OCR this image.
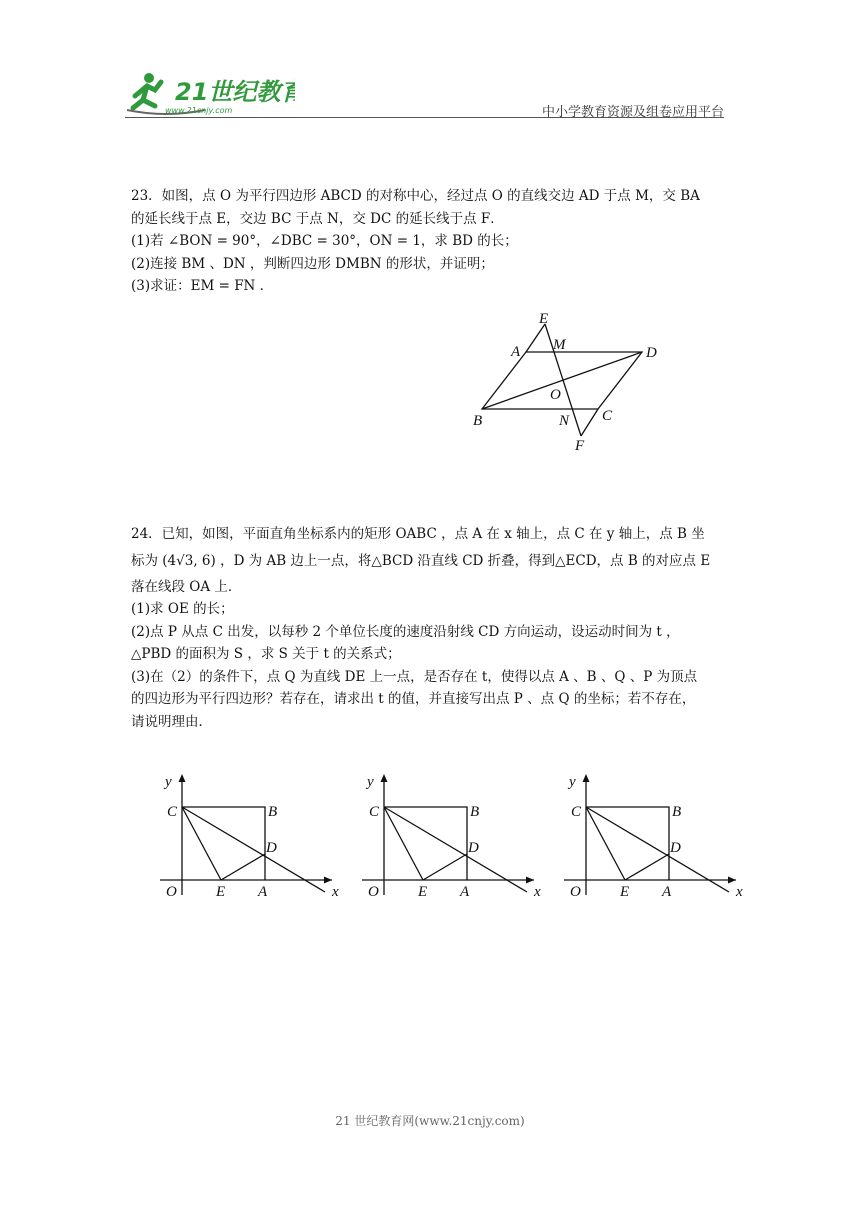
21世纪教育
www.21cnjy.com	中小学教育资源及组卷应用平台

23．如图，点 O 为平行四边形 ABCD 的对称中心，经过点 O 的直线交边 AD 于点 M，交 BA

的延长线于点 E，交边 BC 于点 N，交 DC 的延长线于点 F．

(1)若 ∠BON = 90°，∠DBC = 30°，ON = 1，求 BD 的长；

(2)连接 BM 、DN ，判断四边形 DMBN 的形状，并证明；

(3)求证：EM = FN ．

E
A M	D
O
B	N C
F

24．已知，如图，平面直角坐标系内的矩形 OABC ，点 A 在 x 轴上，点 C 在 y 轴上，点 B 坐

标为 (4√3, 6) ，D 为 AB 边上一点，将△BCD 沿直线 CD 折叠，得到△ECD，点 B 的对应点 E

落在线段 OA 上．

(1)求 OE 的长；

(2)点 P 从点 C 出发，以每秒 2 个单位长度的速度沿射线 CD 方向运动，设运动时间为 t ，

△PBD 的面积为 S ，求 S 关于 t 的关系式；

(3)在（2）的条件下，点 Q 为直线 DE 上一点，是否存在 t，使得以点 A 、B 、Q 、P 为顶点

的四边形为平行四边形？若存在，请求出 t 的值，并直接写出点 P 、点 Q 的坐标；若不存在，

请说明理由．

y
x
C	B
D
O	E A
y
x
C	B
D
O	E A
y
x
C	B
D
O	E A
21 世纪教育网(www.21cnjy.com)
